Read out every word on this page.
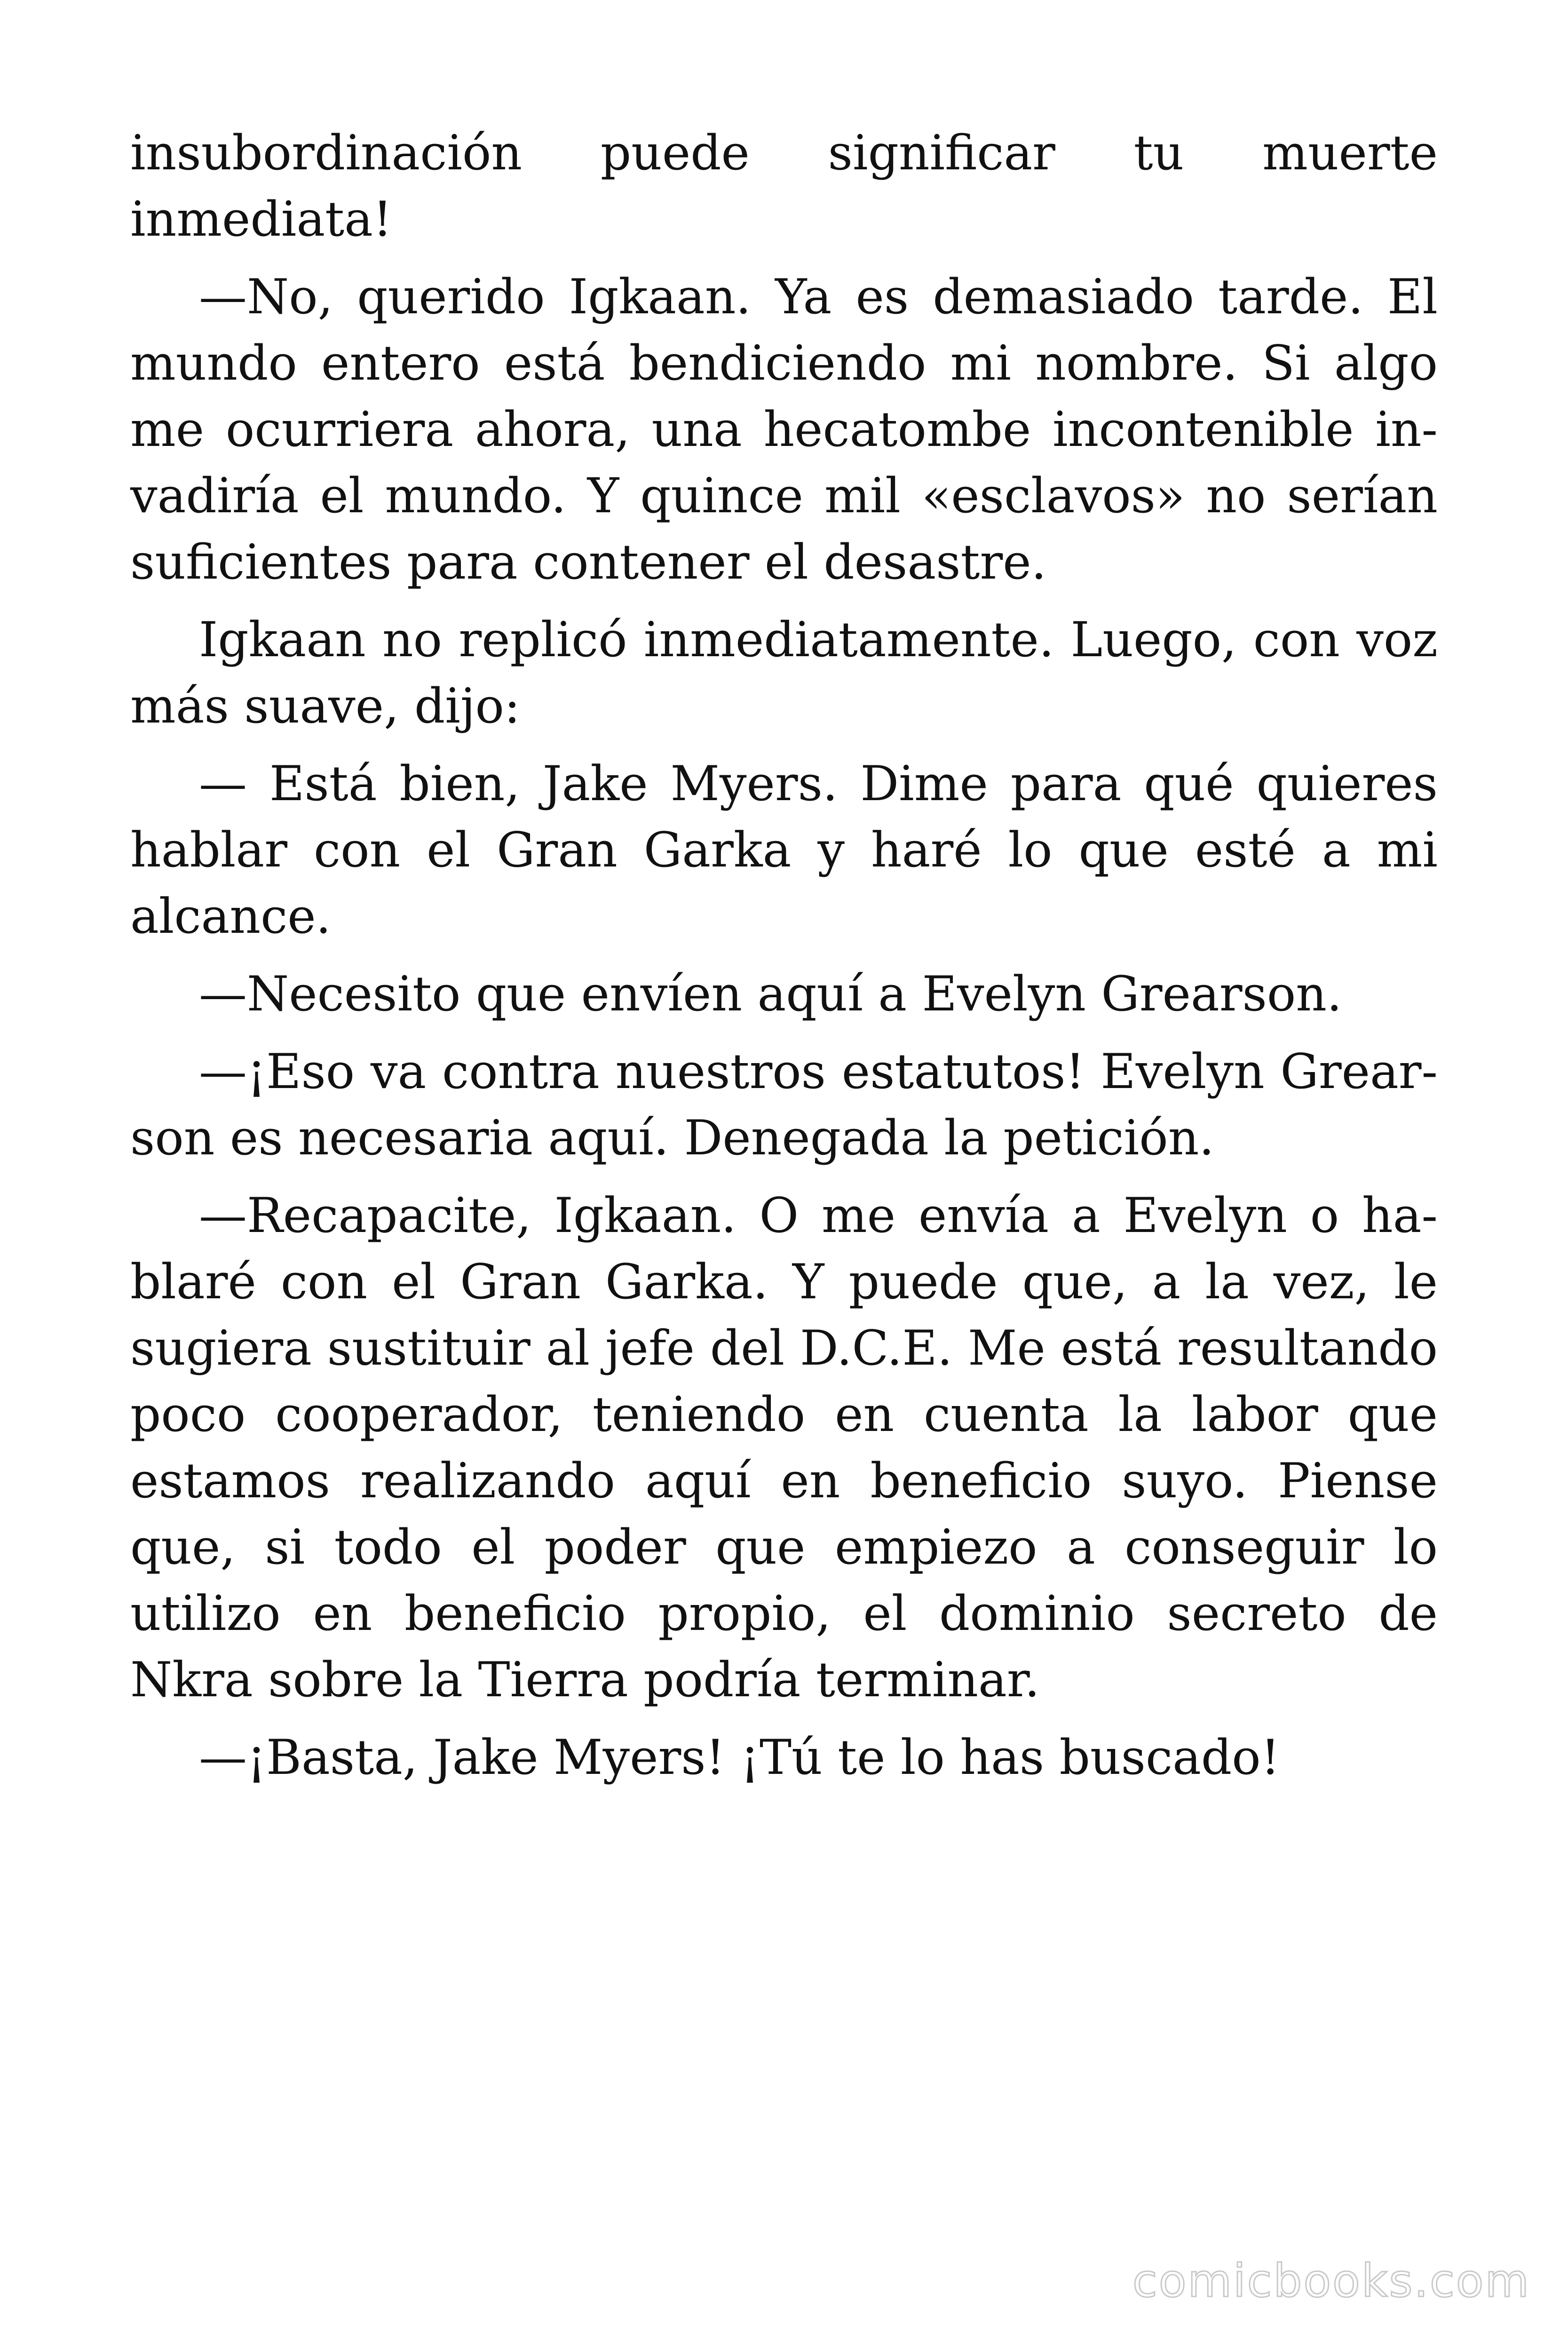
insubordinación puede significar tu muerte inmediata!

—No, querido Igkaan. Ya es demasiado tarde. El mundo entero está bendiciendo mi nombre. Si algo me ocurriera ahora, una hecatombe incontenible invadiría el mundo. Y quince mil «esclavos» no serían suficientes para contener el desastre.

Igkaan no replicó inmediatamente. Luego, con voz más suave, dijo:

— Está bien, Jake Myers. Dime para qué quieres hablar con el Gran Garka y haré lo que esté a mi alcance.

—Necesito que envíen aquí a Evelyn Grearson.

—¡Eso va contra nuestros estatutos! Evelyn Grearson es necesaria aquí. Denegada la petición.

—Recapacite, Igkaan. O me envía a Evelyn o hablaré con el Gran Garka. Y puede que, a la vez, le sugiera sustituir al jefe del D.C.E. Me está resultando poco cooperador, teniendo en cuenta la labor que estamos realizando aquí en beneficio suyo. Piense que, si todo el poder que empiezo a conseguir lo utilizo en beneficio propio, el dominio secreto de Nkra sobre la Tierra podría terminar.

—¡Basta, Jake Myers! ¡Tú te lo has buscado!

comicbooks.com
